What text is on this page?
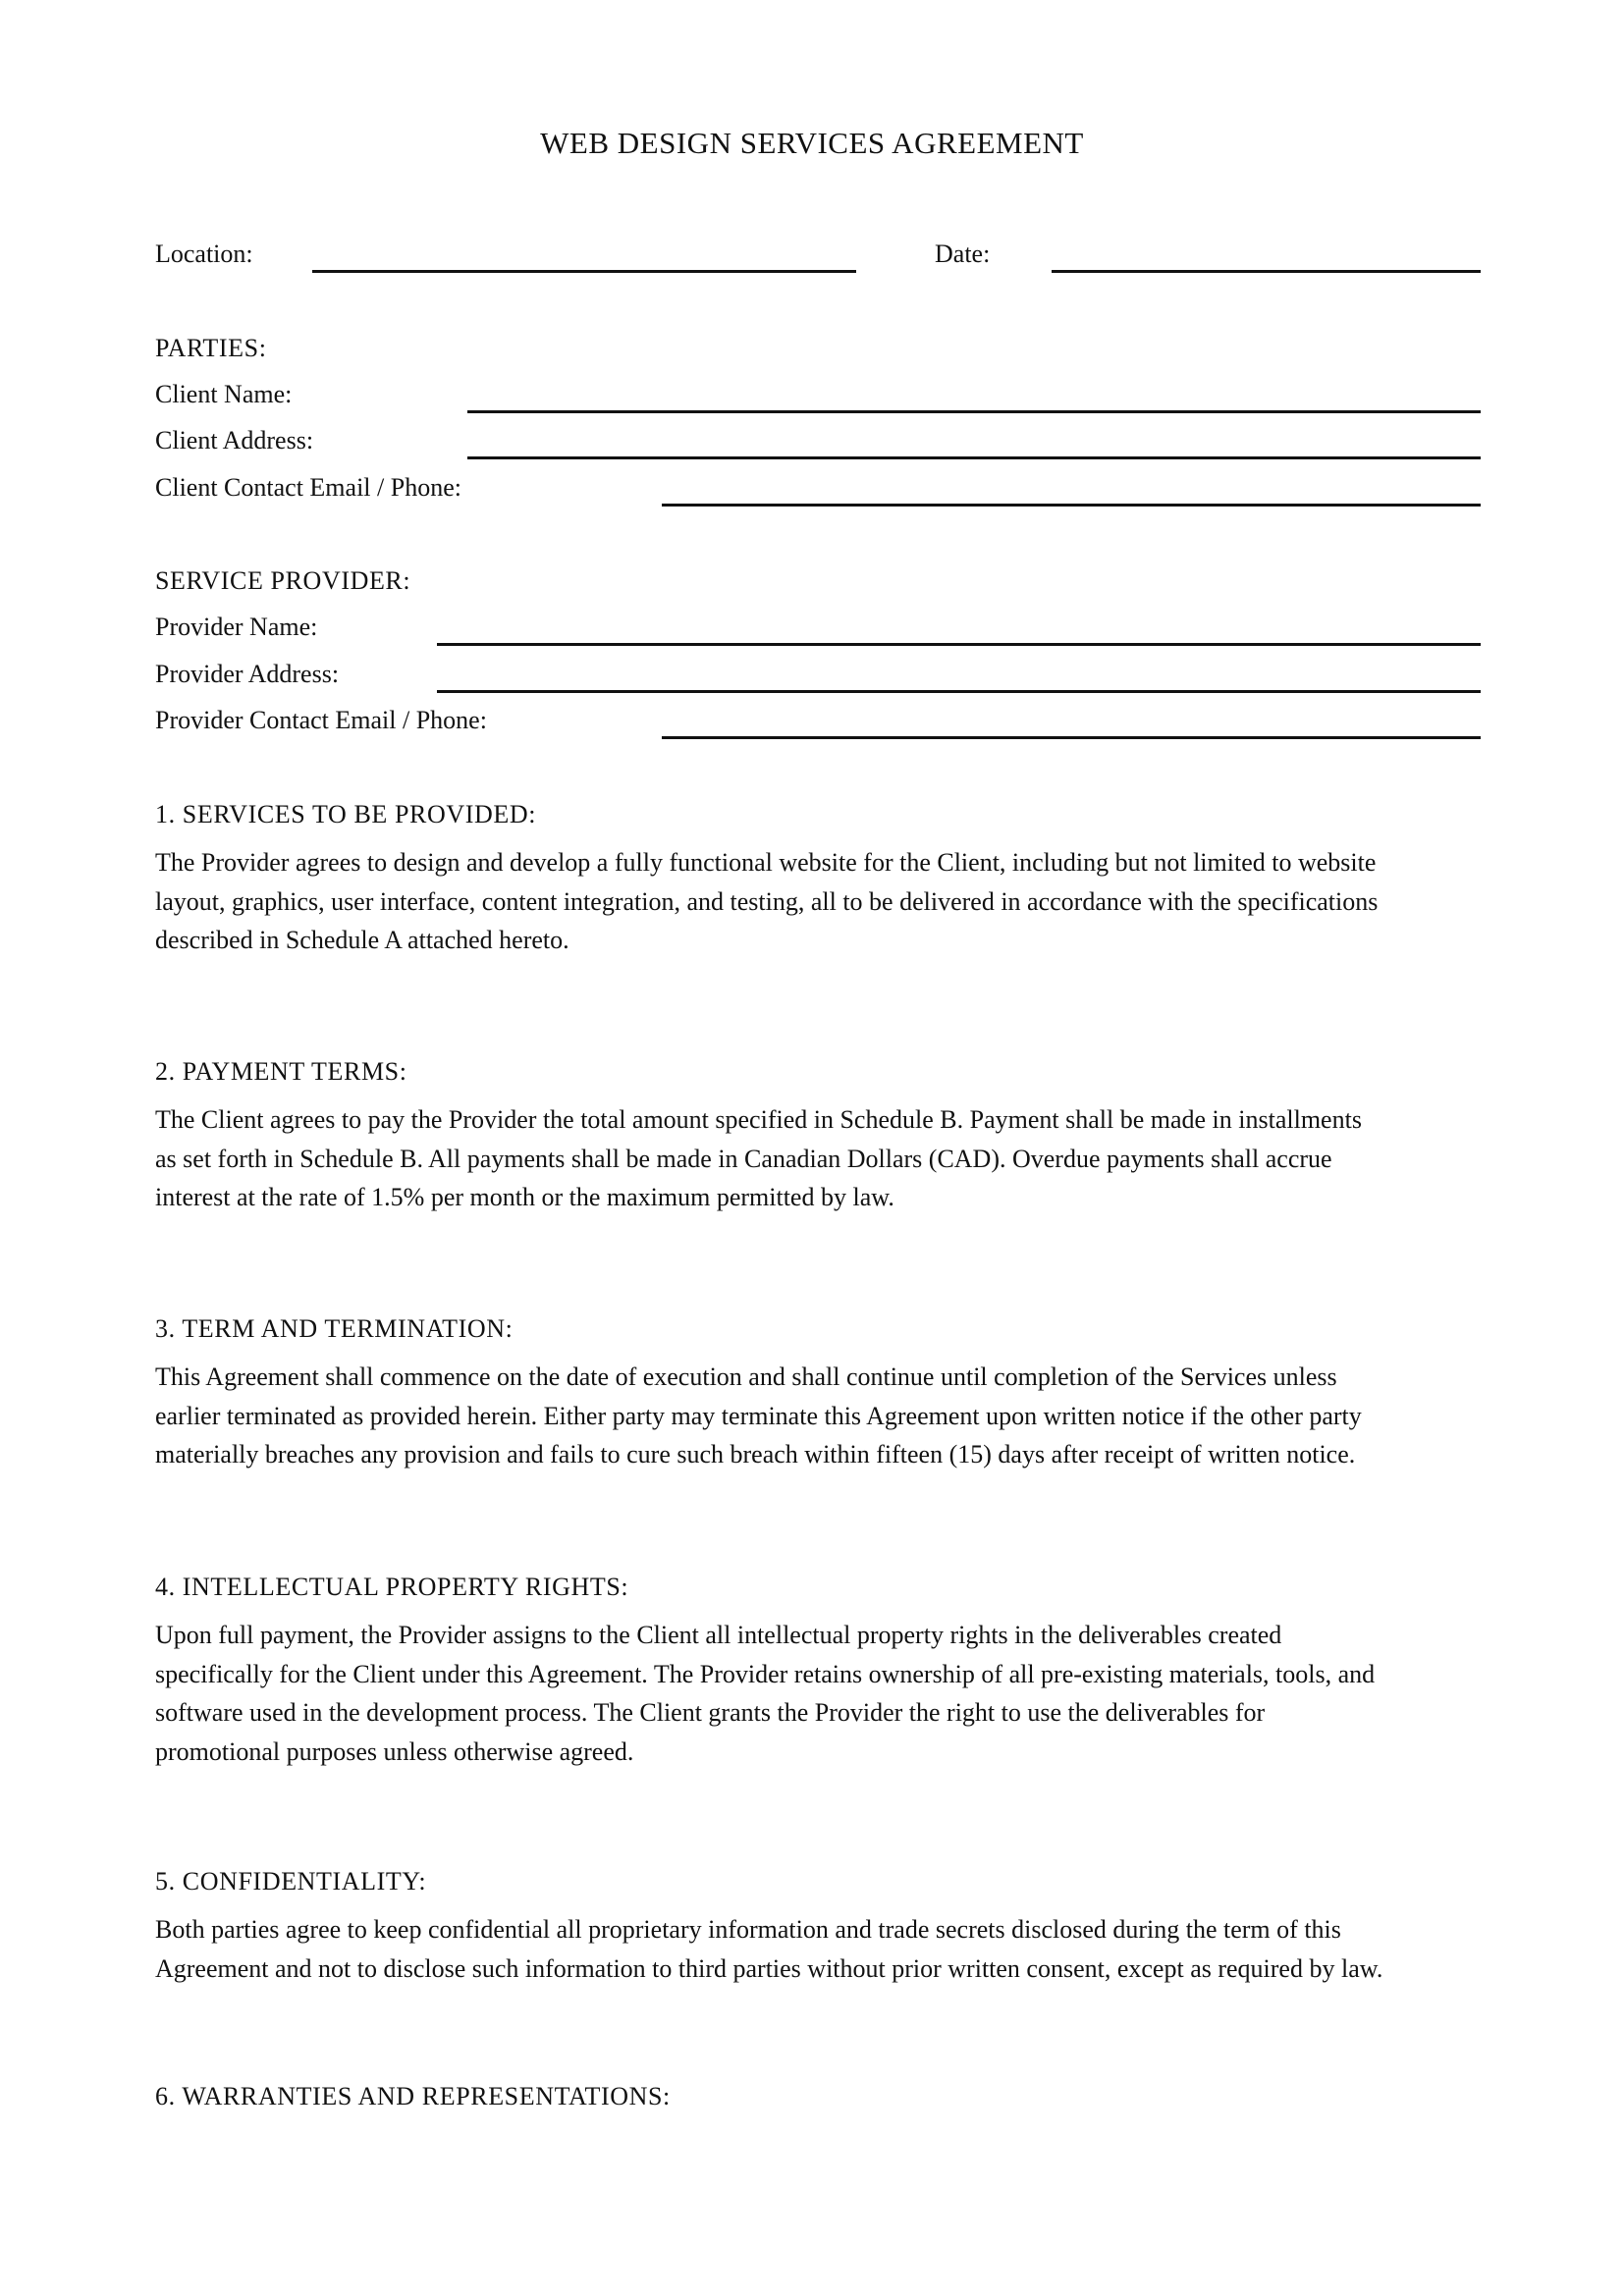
WEB DESIGN SERVICES AGREEMENT
Location:	Date:
PARTIES:
Client Name:
Client Address:
Client Contact Email / Phone:
SERVICE PROVIDER:
Provider Name:
Provider Address:
Provider Contact Email / Phone:
1. SERVICES TO BE PROVIDED:
The Provider agrees to design and develop a fully functional website for the Client, including but not limited to website
layout, graphics, user interface, content integration, and testing, all to be delivered in accordance with the specifications
described in Schedule A attached hereto.
2. PAYMENT TERMS:
The Client agrees to pay the Provider the total amount specified in Schedule B. Payment shall be made in installments
as set forth in Schedule B. All payments shall be made in Canadian Dollars (CAD). Overdue payments shall accrue
interest at the rate of 1.5% per month or the maximum permitted by law.
3. TERM AND TERMINATION:
This Agreement shall commence on the date of execution and shall continue until completion of the Services unless
earlier terminated as provided herein. Either party may terminate this Agreement upon written notice if the other party
materially breaches any provision and fails to cure such breach within fifteen (15) days after receipt of written notice.
4. INTELLECTUAL PROPERTY RIGHTS:
Upon full payment, the Provider assigns to the Client all intellectual property rights in the deliverables created
specifically for the Client under this Agreement. The Provider retains ownership of all pre-existing materials, tools, and
software used in the development process. The Client grants the Provider the right to use the deliverables for
promotional purposes unless otherwise agreed.
5. CONFIDENTIALITY:
Both parties agree to keep confidential all proprietary information and trade secrets disclosed during the term of this
Agreement and not to disclose such information to third parties without prior written consent, except as required by law.
6. WARRANTIES AND REPRESENTATIONS:
